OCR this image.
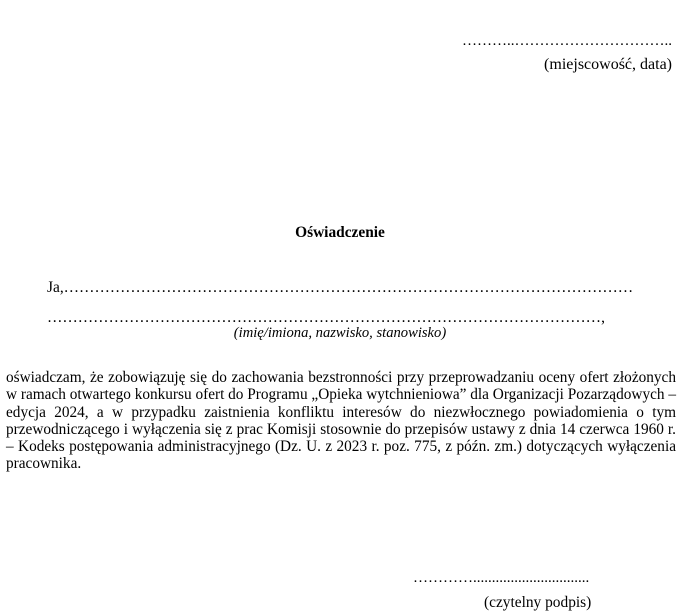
………..…………………………..
(miejscowość, data)
Oświadczenie
Ja,…………………………………………………………………………………………………
………………………………………………………………………………………………,
(imię/imiona, nazwisko, stanowisko)
oświadczam, że zobowiązuję się do zachowania bezstronności przy przeprowadzaniu oceny ofert złożonych w ramach otwartego konkursu ofert do Programu „Opieka wytchnieniowa” dla Organizacji Pozarządowych – edycja 2024, a w przypadku zaistnienia konfliktu interesów do niezwłocznego powiadomienia o tym przewodniczącego i wyłączenia się z prac Komisji stosownie do przepisów ustawy z dnia 14 czerwca 1960 r. – Kodeks postępowania administracyjnego (Dz. U. z 2023 r. poz. 775, z późn. zm.) dotyczących wyłączenia pracownika.
…………...............................
(czytelny podpis)
